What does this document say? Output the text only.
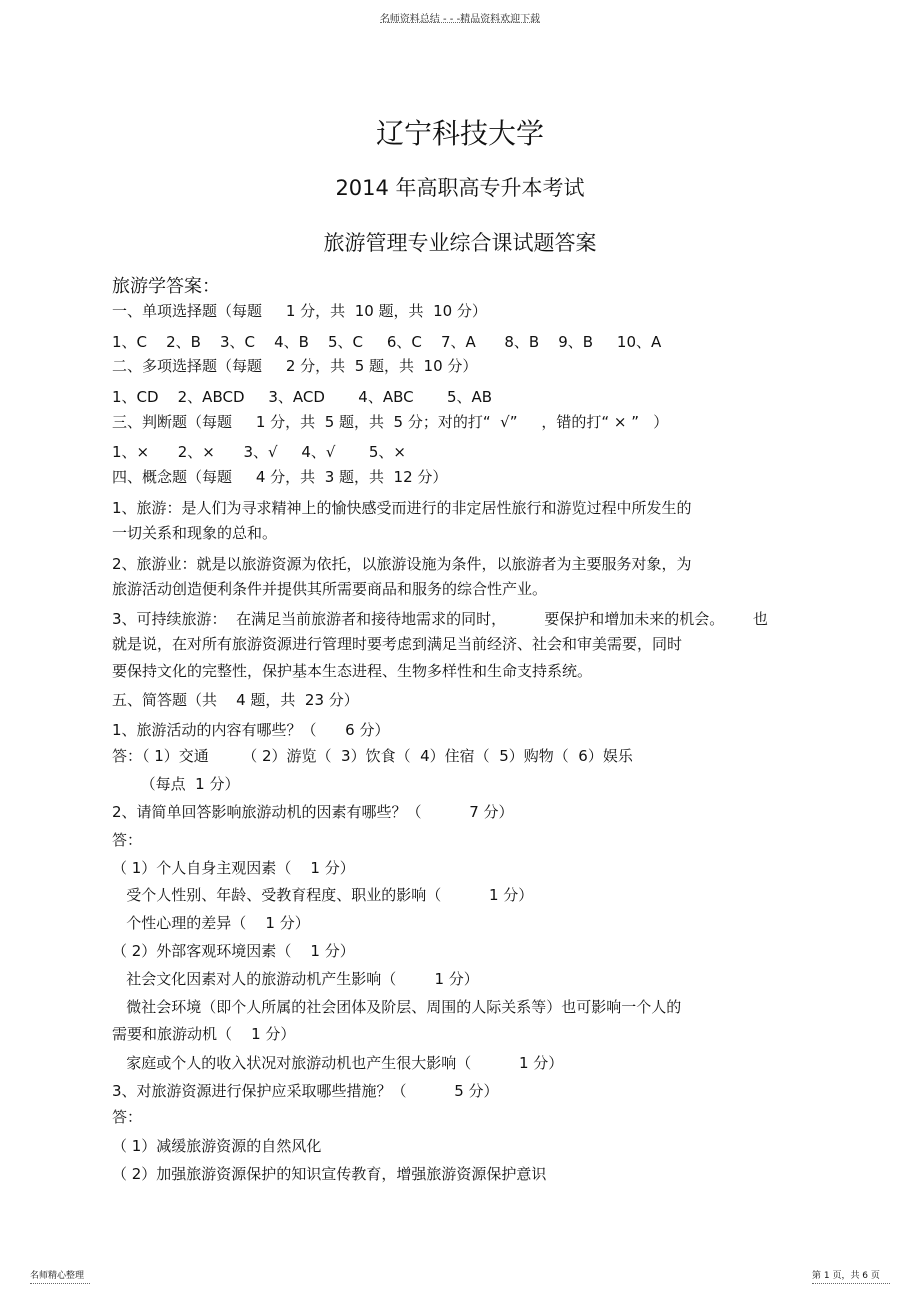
名师资料总结 - - -精品资料欢迎下载
辽宁科技大学
2014 年高职高专升本考试
旅游管理专业综合课试题答案
旅游学答案：
一、单项选择题（每题     1 分，共  10 题，共  10 分）
1、C    2、B    3、C    4、B    5、C     6、C    7、A      8、B    9、B     10、A
二、多项选择题（每题     2 分，共  5 题，共  10 分）
1、CD    2、ABCD     3、ACD       4、ABC       5、AB
三、判断题（每题     1 分，共  5 题，共  5 分；对的打“  √”     ，错的打“ × ”   ）
1、×      2、×      3、√     4、√       5、×
四、概念题（每题     4 分，共  3 题，共  12 分）
1、旅游：是人们为寻求精神上的愉快感受而进行的非定居性旅行和游览过程中所发生的
一切关系和现象的总和。
2、旅游业：就是以旅游资源为依托，以旅游设施为条件，以旅游者为主要服务对象，为
旅游活动创造便利条件并提供其所需要商品和服务的综合性产业。
3、可持续旅游：  在满足当前旅游者和接待地需求的同时，        要保护和增加未来的机会。      也
就是说，在对所有旅游资源进行管理时要考虑到满足当前经济、社会和审美需要，同时
要保持文化的完整性，保护基本生态进程、生物多样性和生命支持系统。
五、简答题（共    4 题，共  23 分）
1、旅游活动的内容有哪些？（      6 分）
答：（ 1）交通       （ 2）游览（  3）饮食（  4）住宿（  5）购物（  6）娱乐
（每点  1 分）
2、请简单回答影响旅游动机的因素有哪些？（          7 分）
答：
（ 1）个人自身主观因素（    1 分）
受个人性别、年龄、受教育程度、职业的影响（          1 分）
个性心理的差异（    1 分）
（ 2）外部客观环境因素（    1 分）
社会文化因素对人的旅游动机产生影响（        1 分）
微社会环境（即个人所属的社会团体及阶层、周围的人际关系等）也可影响一个人的
需要和旅游动机（    1 分）
家庭或个人的收入状况对旅游动机也产生很大影响（          1 分）
3、对旅游资源进行保护应采取哪些措施？（          5 分）
答：
（ 1）减缓旅游资源的自然风化
（ 2）加强旅游资源保护的知识宣传教育，增强旅游资源保护意识
名师精心整理	第 1 页，共 6 页
